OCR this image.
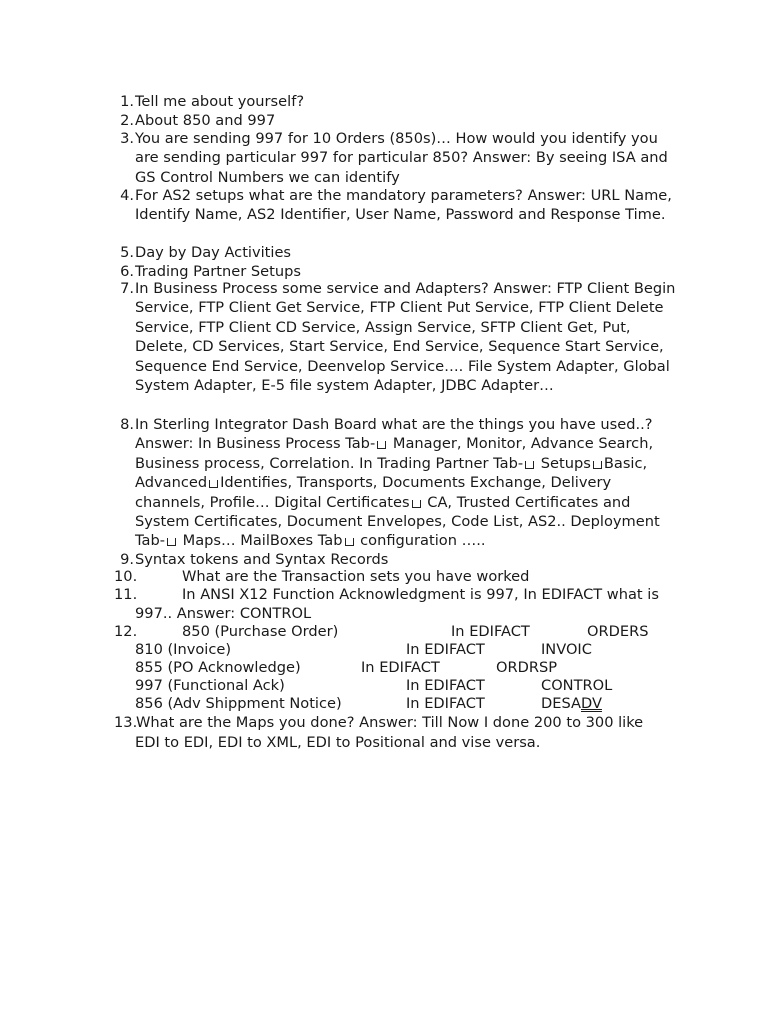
1. Tell me about yourself?
2. About 850 and 997
3. You are sending 997 for 10 Orders (850s)… How would you identify you are sending particular 997 for particular 850? Answer: By seeing ISA and GS Control Numbers we can identify
4. For AS2 setups what are the mandatory parameters? Answer: URL Name, Identify Name, AS2 Identifier, User Name, Password and Response Time.
5. Day by Day Activities
6. Trading Partner Setups
7. In Business Process some service and Adapters? Answer: FTP Client Begin Service, FTP Client Get Service, FTP Client Put Service, FTP Client Delete Service, FTP Client CD Service, Assign Service, SFTP Client Get, Put, Delete, CD Services, Start Service, End Service, Sequence Start Service, Sequence End Service, Deenvelop Service…. File System Adapter, Global System Adapter, E-5 file system Adapter, JDBC Adapter…
8. In Sterling Integrator Dash Board what are the things you have used..?
Answer: In Business Process Tab- Manager, Monitor, Advance Search,
Business process, Correlation. In Trading Partner Tab- Setups Basic,
Advanced Identifies, Transports, Documents Exchange, Delivery
channels, Profile… Digital Certificates CA, Trusted Certificates and
System Certificates, Document Envelopes, Code List, AS2.. Deployment
Tab- Maps… MailBoxes Tab configuration …..
9. Syntax tokens and Syntax Records
10.	What are the Transaction sets you have worked
11.	In ANSI X12 Function Acknowledgment is 997, In EDIFACT what is
997.. Answer: CONTROL
12.	850 (Purchase Order)	In EDIFACT	ORDERS
810 (Invoice)	In EDIFACT	INVOIC
855 (PO Acknowledge)	In EDIFACT	ORDRSP
997 (Functional Ack)	In EDIFACT	CONTROL
856 (Adv Shippment Notice)	In EDIFACT	DESADV
13.
What are the Maps you done? Answer: Till Now I done 200 to 300 like
EDI to EDI, EDI to XML, EDI to Positional and vise versa.
